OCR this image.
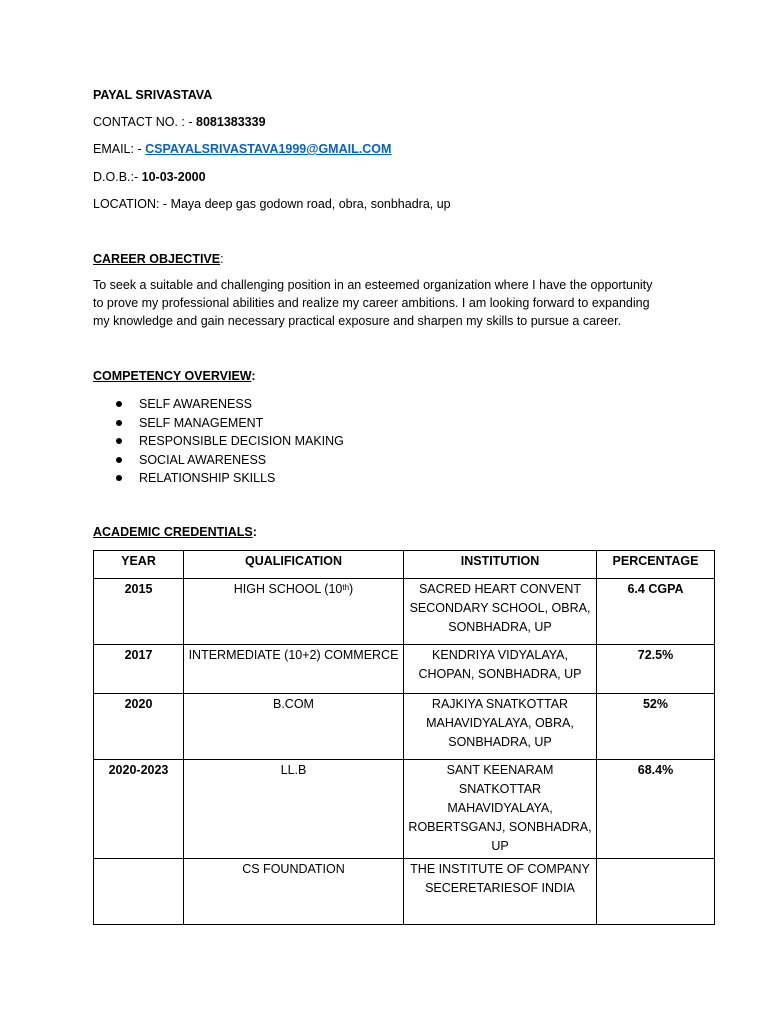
PAYAL SRIVASTAVA
CONTACT NO. : - 8081383339
EMAIL: - CSPAYALSRIVASTAVA1999@GMAIL.COM
D.O.B.:- 10-03-2000
LOCATION: - Maya deep gas godown road, obra, sonbhadra, up
CAREER OBJECTIVE:
To seek a suitable and challenging position in an esteemed organization where I have the opportunity
to prove my professional abilities and realize my career ambitions. I am looking forward to expanding
my knowledge and gain necessary practical exposure and sharpen my skills to pursue a career.
COMPETENCY OVERVIEW:
SELF AWARENESS
SELF MANAGEMENT
RESPONSIBLE DECISION MAKING
SOCIAL AWARENESS
RELATIONSHIP SKILLS
ACADEMIC CREDENTIALS:
YEAR	QUALIFICATION	INSTITUTION	PERCENTAGE
2015	HIGH SCHOOL (10th)	SACRED HEART CONVENT
SECONDARY SCHOOL, OBRA,
SONBHADRA, UP	6.4 CGPA
2017	INTERMEDIATE (10+2) COMMERCE	KENDRIYA VIDYALAYA,
CHOPAN, SONBHADRA, UP	72.5%
2020	B.COM	RAJKIYA SNATKOTTAR
MAHAVIDYALAYA, OBRA,
SONBHADRA, UP	52%
2020-2023	LL.B	SANT KEENARAM SNATKOTTAR
MAHAVIDYALAYA,
ROBERTSGANJ, SONBHADRA,
UP	68.4%
	CS FOUNDATION	THE INSTITUTE OF COMPANY
SECERETARIESOF INDIA	
